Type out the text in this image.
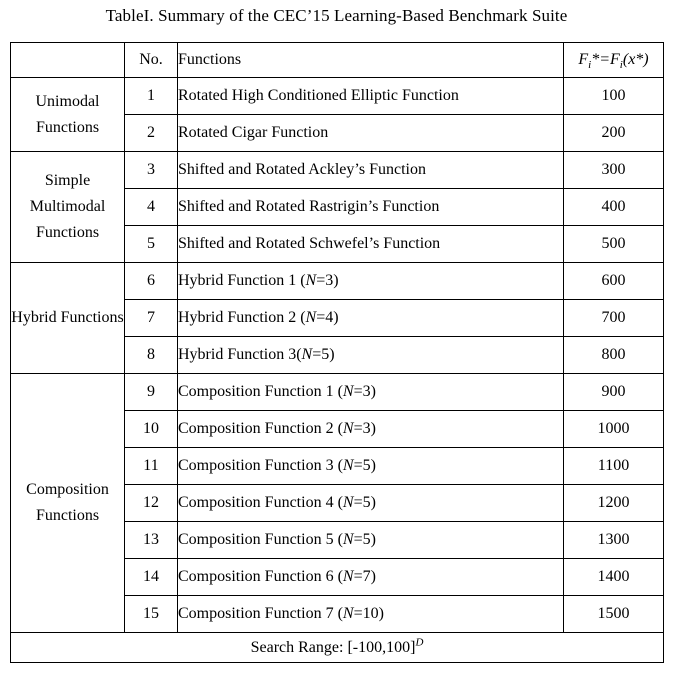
TableI. Summary of the CEC’15 Learning-Based Benchmark Suite
	No.	Functions	$F_i*=F_i(x*)$
Unimodal Functions	1	Rotated High Conditioned Elliptic Function	100
	2	Rotated Cigar Function	200
Simple Multimodal Functions	3	Shifted and Rotated Ackley’s Function	300
	4	Shifted and Rotated Rastrigin’s Function	400
	5	Shifted and Rotated Schwefel’s Function	500
Hybrid Functions	6	Hybrid Function 1 (N=3)	600
	7	Hybrid Function 2 (N=4)	700
	8	Hybrid Function 3(N=5)	800
Composition Functions	9	Composition Function 1 (N=3)	900
	10	Composition Function 2 (N=3)	1000
	11	Composition Function 3 (N=5)	1100
	12	Composition Function 4 (N=5)	1200
	13	Composition Function 5 (N=5)	1300
	14	Composition Function 6 (N=7)	1400
	15	Composition Function 7 (N=10)	1500
Search Range: $[-100,100]^D$
